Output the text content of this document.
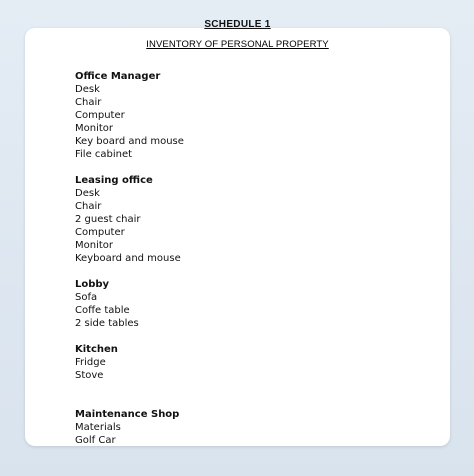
SCHEDULE 1
INVENTORY OF PERSONAL PROPERTY
Office Manager
Desk
Chair
Computer
Monitor
Key board and mouse
File cabinet
Leasing office
Desk
Chair
2 guest chair
Computer
Monitor
Keyboard and mouse
Lobby
Sofa
Coffe table
2 side tables
Kitchen
Fridge
Stove
Maintenance Shop
Materials
Golf Car
